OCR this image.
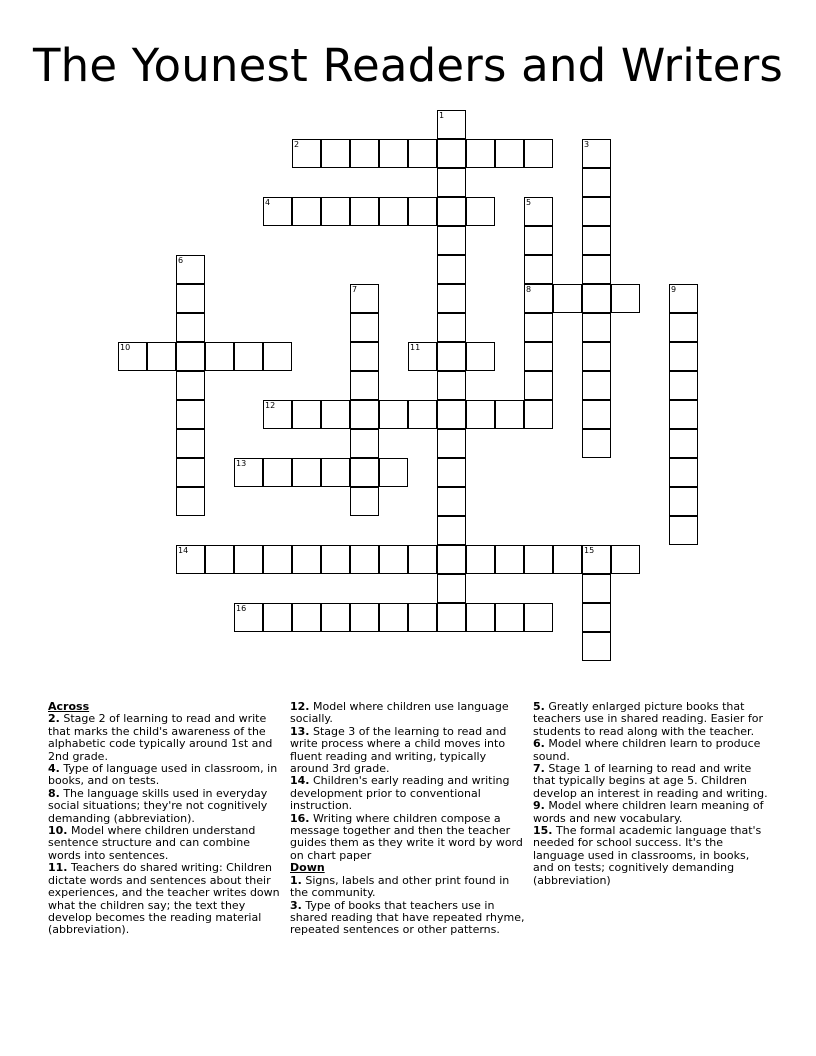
The Younest Readers and Writers
1
2	3
4	5
6
7	8	9
10	11
12
13
14	15
16
Across
2. Stage 2 of learning to read and write that marks the child's awareness of the alphabetic code typically around 1st and 2nd grade.
4. Type of language used in classroom, in books, and on tests.
8. The language skills used in everyday social situations; they're not cognitively demanding (abbreviation).
10. Model where children understand sentence structure and can combine words into sentences.
11. Teachers do shared writing: Children dictate words and sentences about their experiences, and the teacher writes down what the children say; the text they develop becomes the reading material (abbreviation).
12. Model where children use language socially.
13. Stage 3 of the learning to read and write process where a child moves into fluent reading and writing, typically around 3rd grade.
14. Children's early reading and writing development prior to conventional instruction.
16. Writing where children compose a message together and then the teacher guides them as they write it word by word on chart paper
Down
1. Signs, labels and other print found in the community.
3. Type of books that teachers use in shared reading that have repeated rhyme, repeated sentences or other patterns.
5. Greatly enlarged picture books that teachers use in shared reading. Easier for students to read along with the teacher.
6. Model where children learn to produce sound.
7. Stage 1 of learning to read and write that typically begins at age 5. Children develop an interest in reading and writing.
9. Model where children learn meaning of words and new vocabulary.
15. The formal academic language that's needed for school success. It's the language used in classrooms, in books, and on tests; cognitively demanding (abbreviation)
